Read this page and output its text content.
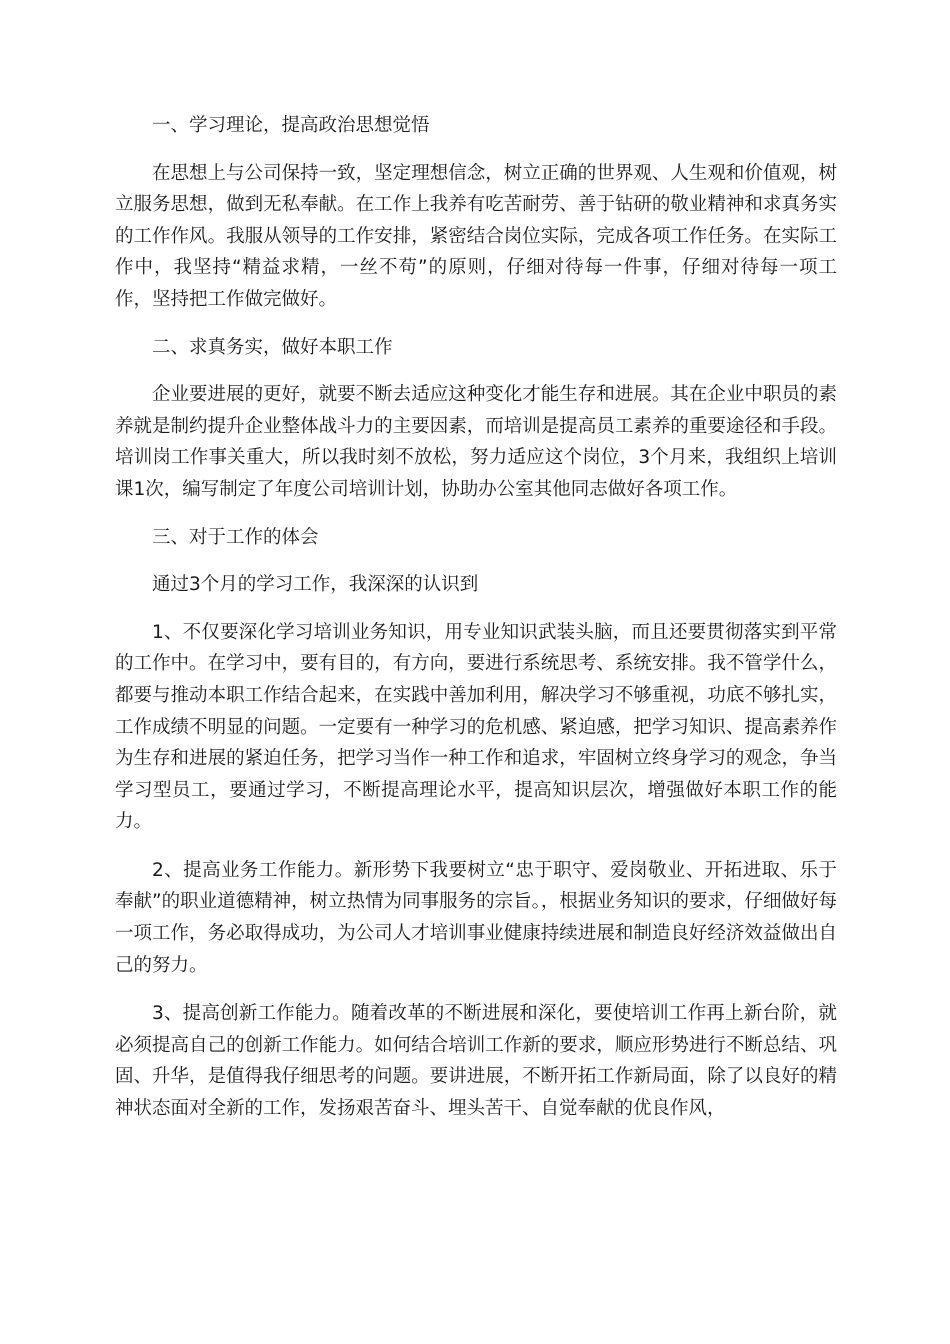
一、学习理论，提高政治思想觉悟

在思想上与公司保持一致，坚定理想信念，树立正确的世界观、人生观和价值观，树立服务思想，做到无私奉献。在工作上我养有吃苦耐劳、善于钻研的敬业精神和求真务实的工作作风。我服从领导的工作安排，紧密结合岗位实际，完成各项工作任务。在实际工作中，我坚持“精益求精，一丝不苟”的原则，仔细对待每一件事，仔细对待每一项工作，坚持把工作做完做好。

二、求真务实，做好本职工作

企业要进展的更好，就要不断去适应这种变化才能生存和进展。其在企业中职员的素养就是制约提升企业整体战斗力的主要因素，而培训是提高员工素养的重要途径和手段。培训岗工作事关重大，所以我时刻不放松，努力适应这个岗位，3个月来，我组织上培训课1次，编写制定了年度公司培训计划，协助办公室其他同志做好各项工作。

三、对于工作的体会

通过3个月的学习工作，我深深的认识到

1、不仅要深化学习培训业务知识，用专业知识武装头脑，而且还要贯彻落实到平常的工作中。在学习中，要有目的，有方向，要进行系统思考、系统安排。我不管学什么，都要与推动本职工作结合起来，在实践中善加利用，解决学习不够重视，功底不够扎实，工作成绩不明显的问题。一定要有一种学习的危机感、紧迫感，把学习知识、提高素养作为生存和进展的紧迫任务，把学习当作一种工作和追求，牢固树立终身学习的观念，争当学习型员工，要通过学习，不断提高理论水平，提高知识层次，增强做好本职工作的能力。

2、提高业务工作能力。新形势下我要树立“忠于职守、爱岗敬业、开拓进取、乐于奉献”的职业道德精神，树立热情为同事服务的宗旨。，根据业务知识的要求，仔细做好每一项工作，务必取得成功，为公司人才培训事业健康持续进展和制造良好经济效益做出自己的努力。

3、提高创新工作能力。随着改革的不断进展和深化，要使培训工作再上新台阶，就必须提高自己的创新工作能力。如何结合培训工作新的要求，顺应形势进行不断总结、巩固、升华，是值得我仔细思考的问题。要讲进展，不断开拓工作新局面，除了以良好的精神状态面对全新的工作，发扬艰苦奋斗、埋头苦干、自觉奉献的优良作风，
